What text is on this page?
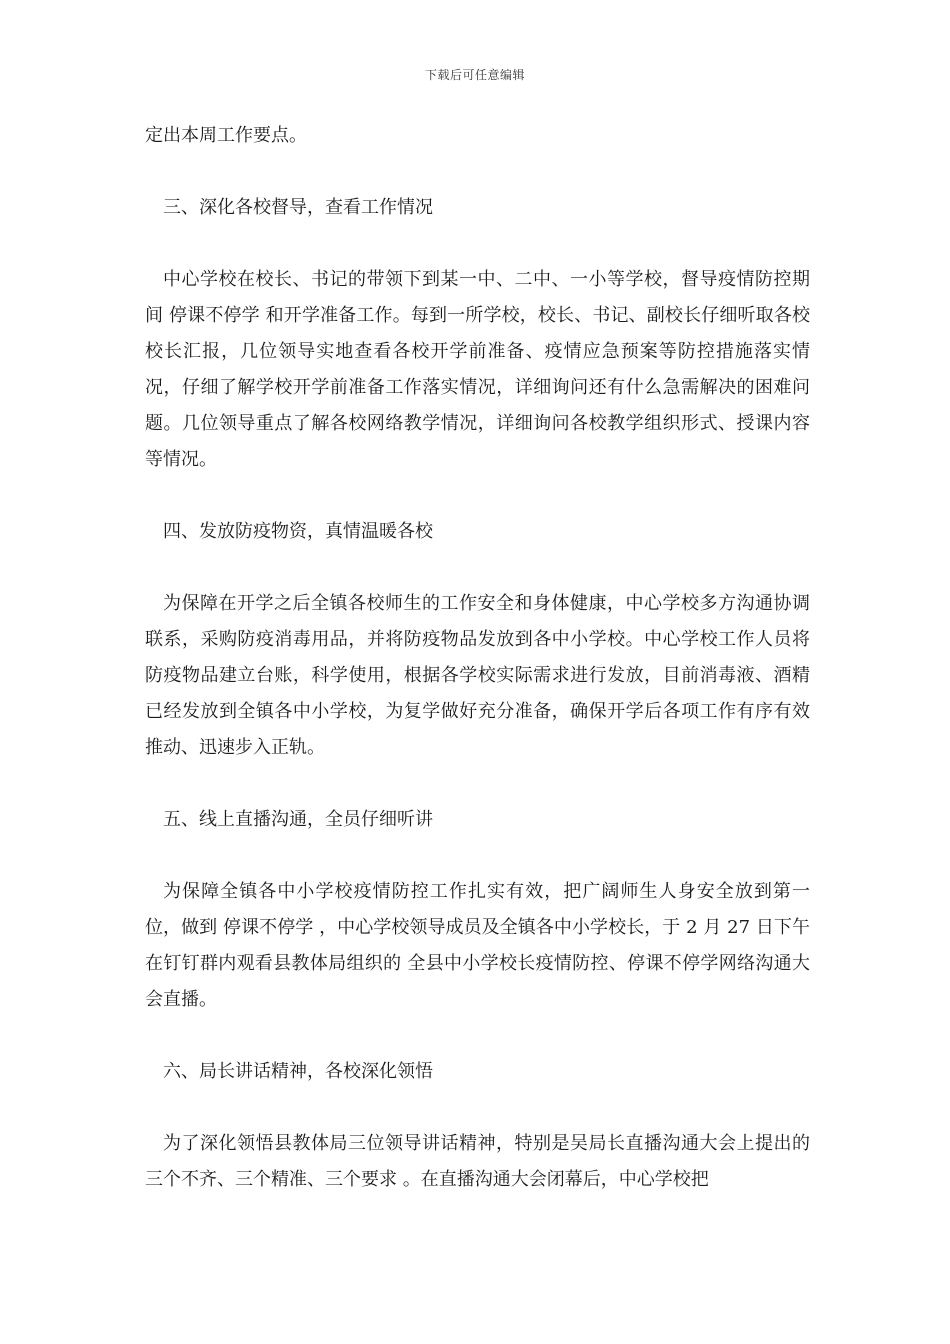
下载后可任意编辑

定出本周工作要点。

三、深化各校督导，查看工作情况

中心学校在校长、书记的带领下到某一中、二中、一小等学校，督导疫情防控期间 停课不停学 和开学准备工作。每到一所学校，校长、书记、副校长仔细听取各校校长汇报，几位领导实地查看各校开学前准备、疫情应急预案等防控措施落实情况，仔细了解学校开学前准备工作落实情况，详细询问还有什么急需解决的困难问题。几位领导重点了解各校网络教学情况，详细询问各校教学组织形式、授课内容等情况。

四、发放防疫物资，真情温暖各校

为保障在开学之后全镇各校师生的工作安全和身体健康，中心学校多方沟通协调联系，采购防疫消毒用品，并将防疫物品发放到各中小学校。中心学校工作人员将防疫物品建立台账，科学使用，根据各学校实际需求进行发放，目前消毒液、酒精已经发放到全镇各中小学校，为复学做好充分准备，确保开学后各项工作有序有效推动、迅速步入正轨。

五、线上直播沟通，全员仔细听讲

为保障全镇各中小学校疫情防控工作扎实有效，把广阔师生人身安全放到第一位，做到 停课不停学 ，中心学校领导成员及全镇各中小学校长，于 2 月 27 日下午在钉钉群内观看县教体局组织的 全县中小学校长疫情防控、停课不停学网络沟通大会直播。

六、局长讲话精神，各校深化领悟

为了深化领悟县教体局三位领导讲话精神，特别是吴局长直播沟通大会上提出的 三个不齐、三个精准、三个要求 。在直播沟通大会闭幕后，中心学校把
